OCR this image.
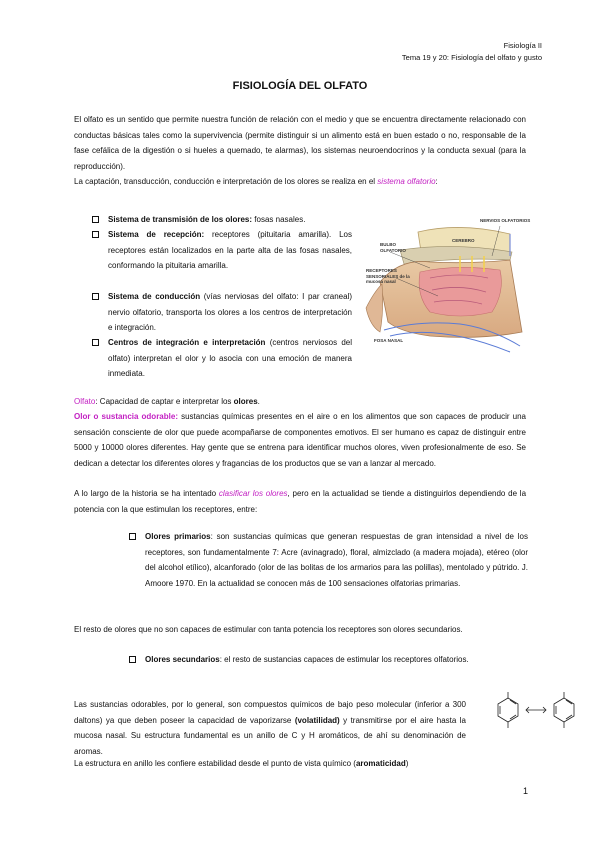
Fisiología II
Tema 19 y 20: Fisiología del olfato y gusto
FISIOLOGÍA DEL OLFATO
El olfato es un sentido que permite nuestra función de relación con el medio y que se encuentra directamente relacionado con conductas básicas tales como la supervivencia (permite distinguir si un alimento está en buen estado o no, responsable de la fase cefálica de la digestión o si hueles a quemado, te alarmas), los sistemas neuroendocrinos y la conducta sexual (para la reproducción).
La captación, transducción, conducción e interpretación de los olores se realiza en el sistema olfatorio:
Sistema de transmisión de los olores: fosas nasales.
Sistema de recepción: receptores (pituitaria amarilla). Los receptores están localizados en la parte alta de las fosas nasales, conformando la pituitaria amarilla.
Sistema de conducción (vías nerviosas del olfato: I par craneal) nervio olfatorio, transporta los olores a los centros de interpretación e integración.
Centros de integración e interpretación (centros nerviosos del olfato) interpretan el olor y lo asocia con una emoción de manera inmediata.
NERVIOS OLFATORIOS
BULBO OLFATORIO
CEREBRO
RECEPTORES SENSORIALES de la mucosa nasal
FOSA NASAL
Olfato: Capacidad de captar e interpretar los olores.
Olor o sustancia odorable: sustancias químicas presentes en el aire o en los alimentos que son capaces de producir una sensación consciente de olor que puede acompañarse de componentes emotivos. El ser humano es capaz de distinguir entre 5000 y 10000 olores diferentes. Hay gente que se entrena para identificar muchos olores, viven profesionalmente de eso. Se dedican a detectar los diferentes olores y fragancias de los productos que se van a lanzar al mercado.
A lo largo de la historia se ha intentado clasificar los olores, pero en la actualidad se tiende a distinguirlos dependiendo de la potencia con la que estimulan los receptores, entre:
Olores primarios: son sustancias químicas que generan respuestas de gran intensidad a nivel de los receptores, son fundamentalmente 7: Acre (avinagrado), floral, almizclado (a madera mojada), etéreo (olor del alcohol etílico), alcanforado (olor de las bolitas de los armarios para las polillas), mentolado y pútrido. J. Amoore 1970. En la actualidad se conocen más de 100 sensaciones olfatorias primarias.
El resto de olores que no son capaces de estimular con tanta potencia los receptores son olores secundarios.
Olores secundarios: el resto de sustancias capaces de estimular los receptores olfatorios.
Las sustancias odorables, por lo general, son compuestos químicos de bajo peso molecular (inferior a 300 daltons) ya que deben poseer la capacidad de vaporizarse (volatilidad) y transmitirse por el aire hasta la mucosa nasal. Su estructura fundamental es un anillo de C y H aromáticos, de ahí su denominación de aromas.
La estructura en anillo les confiere estabilidad desde el punto de vista químico (aromaticidad)
1
